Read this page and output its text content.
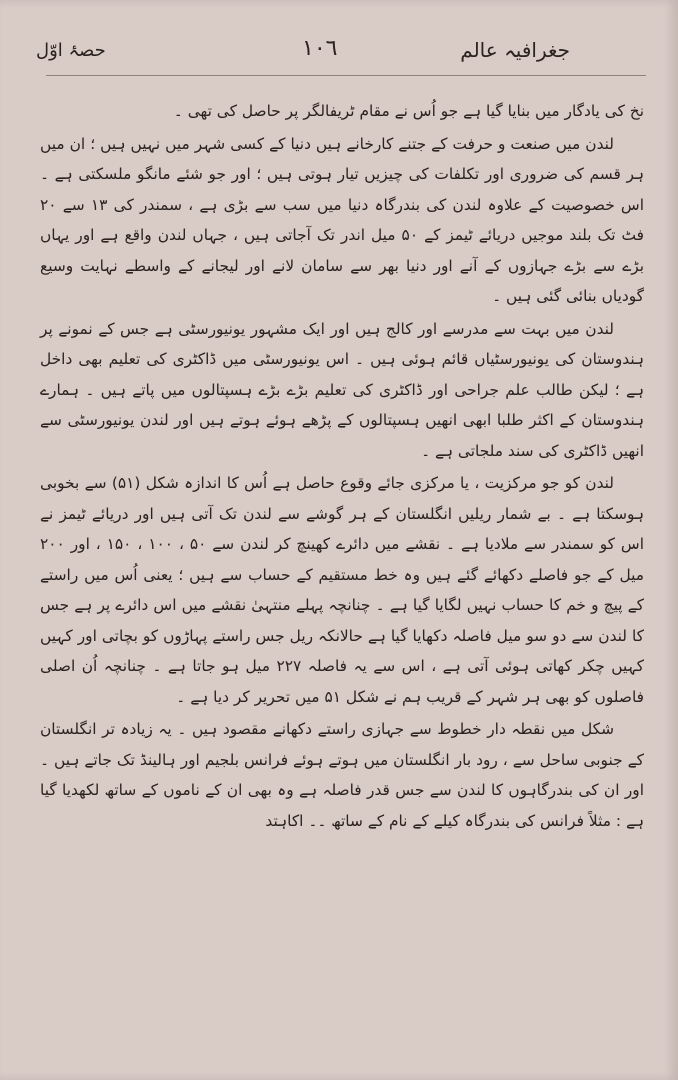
جغرافیہ عالم
١٠٦
حصۂ اوّل

نخ کی یادگار میں بنایا گیا ہے جو اُس نے مقام ٹریفالگر پر حاصل کی تھی ۔

لندن میں صنعت و حرفت کے جتنے کارخانے ہیں دنیا کے کسی شہر میں نہیں ہیں ؛ ان میں ہر قسم کی ضروری اور تکلفات کی چیزیں تیار ہوتی ہیں ؛ اور جو شئے مانگو ملسکتی ہے ۔ اس خصوصیت کے علاوہ لندن کی بندرگاہ دنیا میں سب سے بڑی ہے ، سمندر کی ۱۳ سے ۲۰ فٹ تک بلند موجیں دریائے ٹیمز کے ۵۰ میل اندر تک آجاتی ہیں ، جہاں لندن واقع ہے اور یہاں بڑے سے بڑے جہازوں کے آنے اور دنیا بھر سے سامان لانے اور لیجانے کے واسطے نہایت وسیع گودیاں بنائی گئی ہیں ۔

لندن میں بہت سے مدرسے اور کالج ہیں اور ایک مشہور یونیورسٹی ہے جس کے نمونے پر ہندوستان کی یونیورسٹیاں قائم ہوئی ہیں ۔ اس یونیورسٹی میں ڈاکٹری کی تعلیم بھی داخل ہے ؛ لیکن طالب علم جراحی اور ڈاکٹری کی تعلیم بڑے بڑے ہسپتالوں میں پاتے ہیں ۔ ہمارے ہندوستان کے اکثر طلبا ابھی انھیں ہسپتالوں کے پڑھے ہوئے ہوتے ہیں اور لندن یونیورسٹی سے انھیں ڈاکٹری کی سند ملجاتی ہے ۔

لندن کو جو مرکزیت ، یا مرکزی جائے وقوع حاصل ہے اُس کا اندازہ شکل (۵۱) سے بخوبی ہوسکتا ہے ۔ بے شمار ریلیں انگلستان کے ہر گوشے سے لندن تک آتی ہیں اور دریائے ٹیمز نے اس کو سمندر سے ملادیا ہے ۔ نقشے میں دائرے کھینچ کر لندن سے ۵۰ ، ۱۰۰ ، ۱۵۰ ، اور ۲۰۰ میل کے جو فاصلے دکھائے گئے ہیں وہ خط مستقیم کے حساب سے ہیں ؛ یعنی اُس میں راستے کے پیچ و خم کا حساب نہیں لگایا گیا ہے ۔ چنانچہ پہلے منتہیٰ نقشے میں اس دائرے پر ہے جس کا لندن سے دو سو میل فاصلہ دکھایا گیا ہے حالانکہ ریل جس راستے پہاڑوں کو بچاتی اور کہیں کہیں چکر کھاتی ہوئی آتی ہے ، اس سے یہ فاصلہ ۲۲۷ میل ہو جاتا ہے ۔ چنانچہ اُن اصلی فاصلوں کو بھی ہر شہر کے قریب ہم نے شکل ۵۱ میں تحریر کر دیا ہے ۔

شکل میں نقطہ دار خطوط سے جہازی راستے دکھانے مقصود ہیں ۔ یہ زیادہ تر انگلستان کے جنوبی ساحل سے ، رود بار انگلستان میں ہوتے ہوئے فرانس بلجیم اور ہالینڈ تک جاتے ہیں ۔ اور ان کی بندرگاہوں کا لندن سے جس قدر فاصلہ ہے وہ بھی ان کے ناموں کے ساتھ لکھدیا گیا ہے : مثلاً فرانس کی بندرگاہ کیلے کے نام کے ساتھ ۔۔ اکاہتد
